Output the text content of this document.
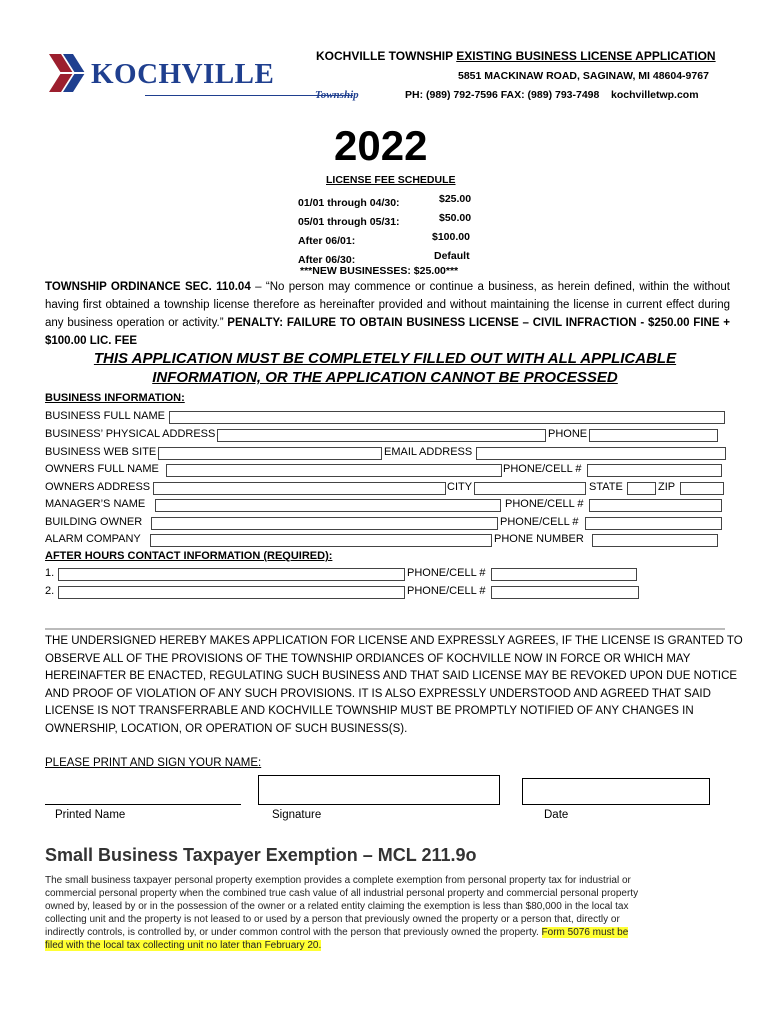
KOCHVILLE
Township
KOCHVILLE TOWNSHIP EXISTING BUSINESS LICENSE APPLICATION
5851 MACKINAW ROAD, SAGINAW, MI 48604-9767
PH: (989) 792-7596 FAX: (989) 793-7498 kochvilletwp.com
2022
LICENSE FEE SCHEDULE
01/01 through 04/30:	$25.00
05/01 through 05/31:	$50.00
After 06/01:	$100.00
After 06/30:	Default
***NEW BUSINESSES: $25.00***
TOWNSHIP ORDINANCE SEC. 110.04 – “No person may commence or continue a business, as herein defined, within the without having first obtained a township license therefore as hereinafter provided and without maintaining the license in current effect during any business operation or activity.” PENALTY: FAILURE TO OBTAIN BUSINESS LICENSE – CIVIL INFRACTION - $250.00 FINE + $100.00 LIC. FEE
THIS APPLICATION MUST BE COMPLETELY FILLED OUT WITH ALL APPLICABLE
INFORMATION, OR THE APPLICATION CANNOT BE PROCESSED
BUSINESS INFORMATION:
BUSINESS FULL NAME
BUSINESS’ PHYSICAL ADDRESS	PHONE
BUSINESS WEB SITE	EMAIL ADDRESS
OWNERS FULL NAME	PHONE/CELL #
OWNERS ADDRESS	CITY	STATE	ZIP
MANAGER’S NAME	PHONE/CELL #
BUILDING OWNER	PHONE/CELL #
ALARM COMPANY	PHONE NUMBER
AFTER HOURS CONTACT INFORMATION (REQUIRED):
1.	PHONE/CELL #
2.	PHONE/CELL #
THE UNDERSIGNED HEREBY MAKES APPLICATION FOR LICENSE AND EXPRESSLY AGREES, IF THE LICENSE IS GRANTED TO
OBSERVE ALL OF THE PROVISIONS OF THE TOWNSHIP ORDIANCES OF KOCHVILLE NOW IN FORCE OR WHICH MAY
HEREINAFTER BE ENACTED, REGULATING SUCH BUSINESS AND THAT SAID LICENSE MAY BE REVOKED UPON DUE NOTICE
AND PROOF OF VIOLATION OF ANY SUCH PROVISIONS. IT IS ALSO EXPRESSLY UNDERSTOOD AND AGREED THAT SAID
LICENSE IS NOT TRANSFERRABLE AND KOCHVILLE TOWNSHIP MUST BE PROMPTLY NOTIFIED OF ANY CHANGES IN
OWNERSHIP, LOCATION, OR OPERATION OF SUCH BUSINESS(S).
PLEASE PRINT AND SIGN YOUR NAME:
Printed Name	Signature	Date
Small Business Taxpayer Exemption – MCL 211.9o
The small business taxpayer personal property exemption provides a complete exemption from personal property tax for industrial or
commercial personal property when the combined true cash value of all industrial personal property and commercial personal property
owned by, leased by or in the possession of the owner or a related entity claiming the exemption is less than $80,000 in the local tax
collecting unit and the property is not leased to or used by a person that previously owned the property or a person that, directly or
indirectly controls, is controlled by, or under common control with the person that previously owned the property. Form 5076 must be
filed with the local tax collecting unit no later than February 20.
